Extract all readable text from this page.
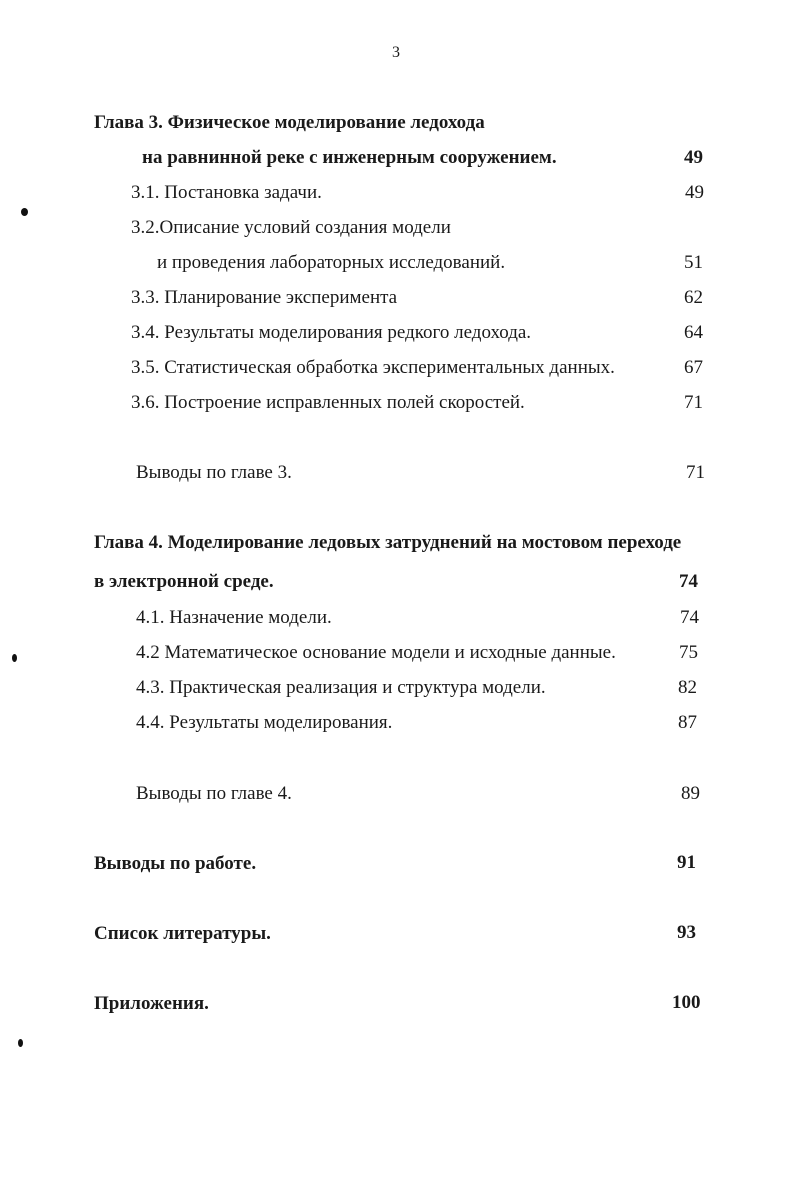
3
Глава 3. Физическое моделирование ледохода
на равнинной реке с инженерным сооружением.	49
3.1. Постановка задачи.	49
3.2.Описание условий создания модели
и проведения лабораторных исследований.	51
3.3. Планирование эксперимента	62
3.4. Результаты моделирования редкого ледохода.	64
3.5. Статистическая обработка экспериментальных данных.	67
3.6. Построение исправленных полей скоростей.	71
Выводы по главе 3.	71
Глава 4. Моделирование ледовых затруднений на мостовом переходе
в электронной среде.	74
4.1. Назначение модели.	74
4.2 Математическое основание модели и исходные данные.	75
4.3. Практическая реализация и структура модели.	82
4.4. Результаты моделирования.	87
Выводы по главе 4.	89
Выводы по работе.	91
Список литературы.	93
Приложения.	100
